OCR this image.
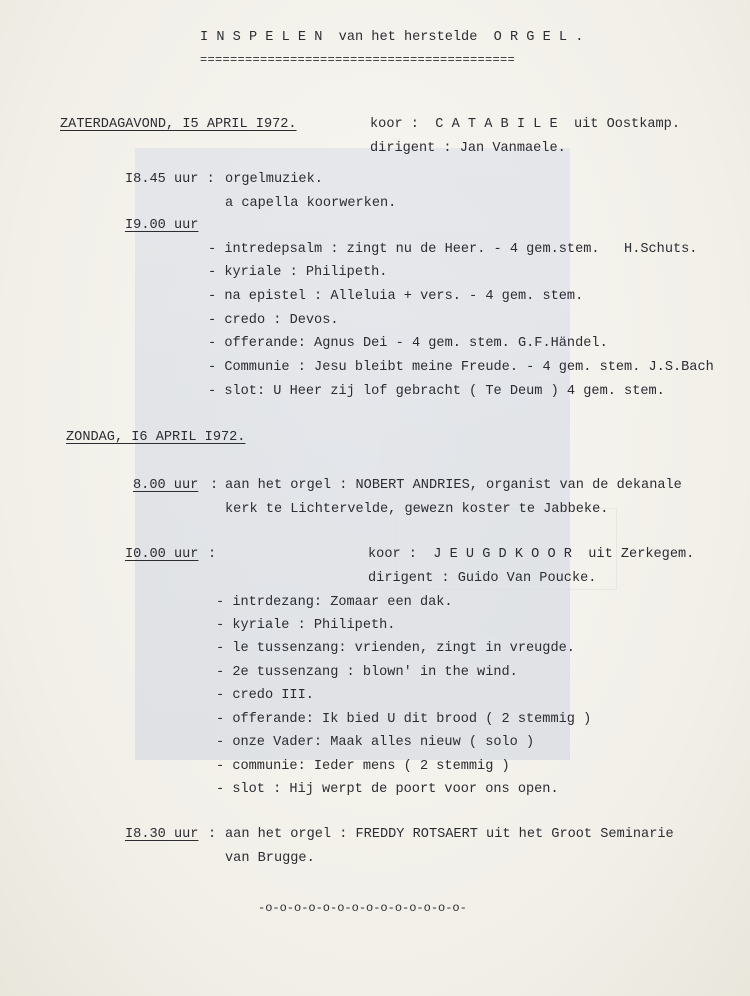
I N S P E L E N  van het herstelde  O R G E L .
==========================================
ZATERDAGAVOND, I5 APRIL I972.	koor :  C A T A B I L E  uit Oostkamp.
dirigent : Jan Vanmaele.
I8.45 uur : orgelmuziek.
a capella koorwerken.
I9.00 uur
- intredepsalm : zingt nu de Heer. - 4 gem.stem.   H.Schuts.
- kyriale : Philipeth.
- na epistel : Alleluia + vers. - 4 gem. stem.
- credo : Devos.
- offerande: Agnus Dei - 4 gem. stem. G.F.Händel.
- Communie : Jesu bleibt meine Freude. - 4 gem. stem. J.S.Bach
- slot: U Heer zij lof gebracht ( Te Deum ) 4 gem. stem.
ZONDAG, I6 APRIL I972.
8.00 uur : aan het orgel : NOBERT ANDRIES, organist van de dekanale
kerk te Lichtervelde, gewezn koster te Jabbeke.
I0.00 uur :	koor :  J E U G D K O O R  uit Zerkegem.
dirigent : Guido Van Poucke.
- intrdezang: Zomaar een dak.
- kyriale : Philipeth.
- le tussenzang: vrienden, zingt in vreugde.
- 2e tussenzang : blown' in the wind.
- credo III.
- offerande: Ik bied U dit brood ( 2 stemmig )
- onze Vader: Maak alles nieuw ( solo )
- communie: Ieder mens ( 2 stemmig )
- slot : Hij werpt de poort voor ons open.
I8.30 uur : aan het orgel : FREDDY ROTSAERT uit het Groot Seminarie
van Brugge.
-o-o-o-o-o-o-o-o-o-o-o-o-o-o-
